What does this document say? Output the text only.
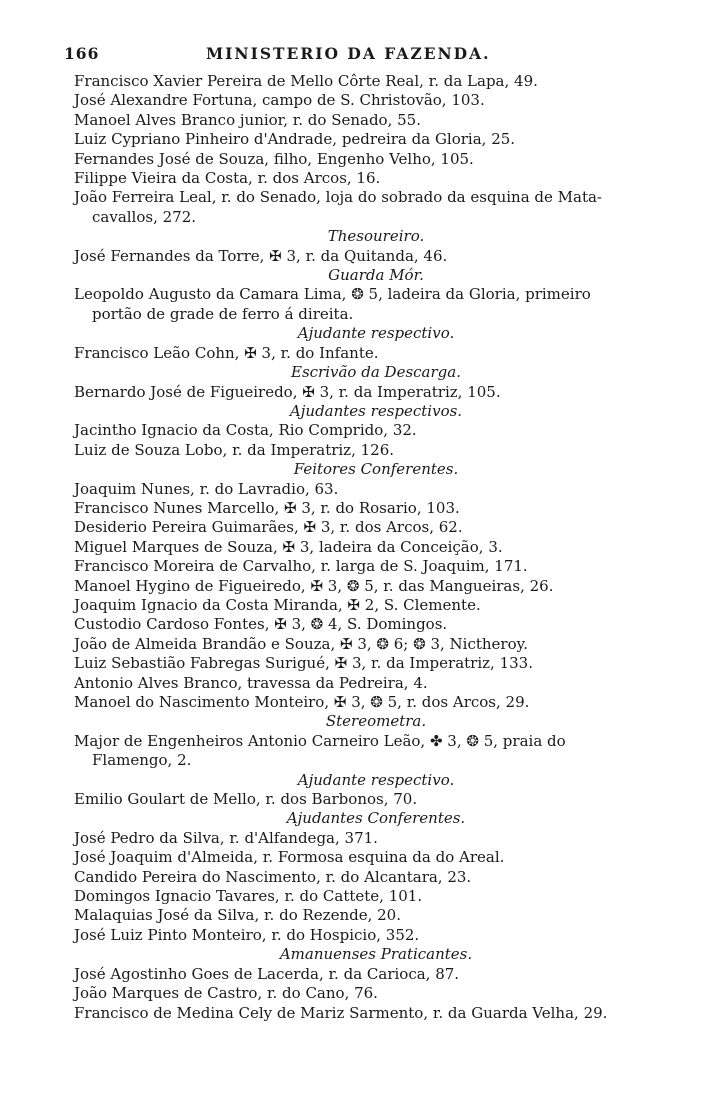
166	MINISTERIO DA FAZENDA.

Francisco Xavier Pereira de Mello Côrte Real, r. da Lapa, 49.

José Alexandre Fortuna, campo de S. Christovão, 103.

Manoel Alves Branco junior, r. do Senado, 55.

Luiz Cypriano Pinheiro d'Andrade, pedreira da Gloria, 25.

Fernandes José de Souza, filho, Engenho Velho, 105.

Filippe Vieira da Costa, r. dos Arcos, 16.

João Ferreira Leal, r. do Senado, loja do sobrado da esquina de Mata-

cavallos, 272.

Thesoureiro.

José Fernandes da Torre, ✠ 3, r. da Quitanda, 46.

Guarda Mór.

Leopoldo Augusto da Camara Lima, ❂ 5, ladeira da Gloria, primeiro

portão de grade de ferro á direita.

Ajudante respectivo.

Francisco Leão Cohn, ✠ 3, r. do Infante.

Escrivão da Descarga.

Bernardo José de Figueiredo, ✠ 3, r. da Imperatriz, 105.

Ajudantes respectivos.

Jacintho Ignacio da Costa, Rio Comprido, 32.

Luiz de Souza Lobo, r. da Imperatriz, 126.

Feitores Conferentes.

Joaquim Nunes, r. do Lavradio, 63.

Francisco Nunes Marcello, ✠ 3, r. do Rosario, 103.

Desiderio Pereira Guimarães, ✠ 3, r. dos Arcos, 62.

Miguel Marques de Souza, ✠ 3, ladeira da Conceição, 3.

Francisco Moreira de Carvalho, r. larga de S. Joaquim, 171.

Manoel Hygino de Figueiredo, ✠ 3, ❂ 5, r. das Mangueiras, 26.

Joaquim Ignacio da Costa Miranda, ✠ 2, S. Clemente.

Custodio Cardoso Fontes, ✠ 3, ❂ 4, S. Domingos.

João de Almeida Brandão e Souza, ✠ 3, ❂ 6; ❂ 3, Nictheroy.

Luiz Sebastião Fabregas Surigué, ✠ 3, r. da Imperatriz, 133.

Antonio Alves Branco, travessa da Pedreira, 4.

Manoel do Nascimento Monteiro, ✠ 3, ❂ 5, r. dos Arcos, 29.

Stereometra.

Major de Engenheiros Antonio Carneiro Leão, ✤ 3, ❂ 5, praia do

Flamengo, 2.

Ajudante respectivo.

Emilio Goulart de Mello, r. dos Barbonos, 70.

Ajudantes Conferentes.

José Pedro da Silva, r. d'Alfandega, 371.

José Joaquim d'Almeida, r. Formosa esquina da do Areal.

Candido Pereira do Nascimento, r. do Alcantara, 23.

Domingos Ignacio Tavares, r. do Cattete, 101.

Malaquias José da Silva, r. do Rezende, 20.

José Luiz Pinto Monteiro, r. do Hospicio, 352.

Amanuenses Praticantes.

José Agostinho Goes de Lacerda, r. da Carioca, 87.

João Marques de Castro, r. do Cano, 76.

Francisco de Medina Cely de Mariz Sarmento, r. da Guarda Velha, 29.
